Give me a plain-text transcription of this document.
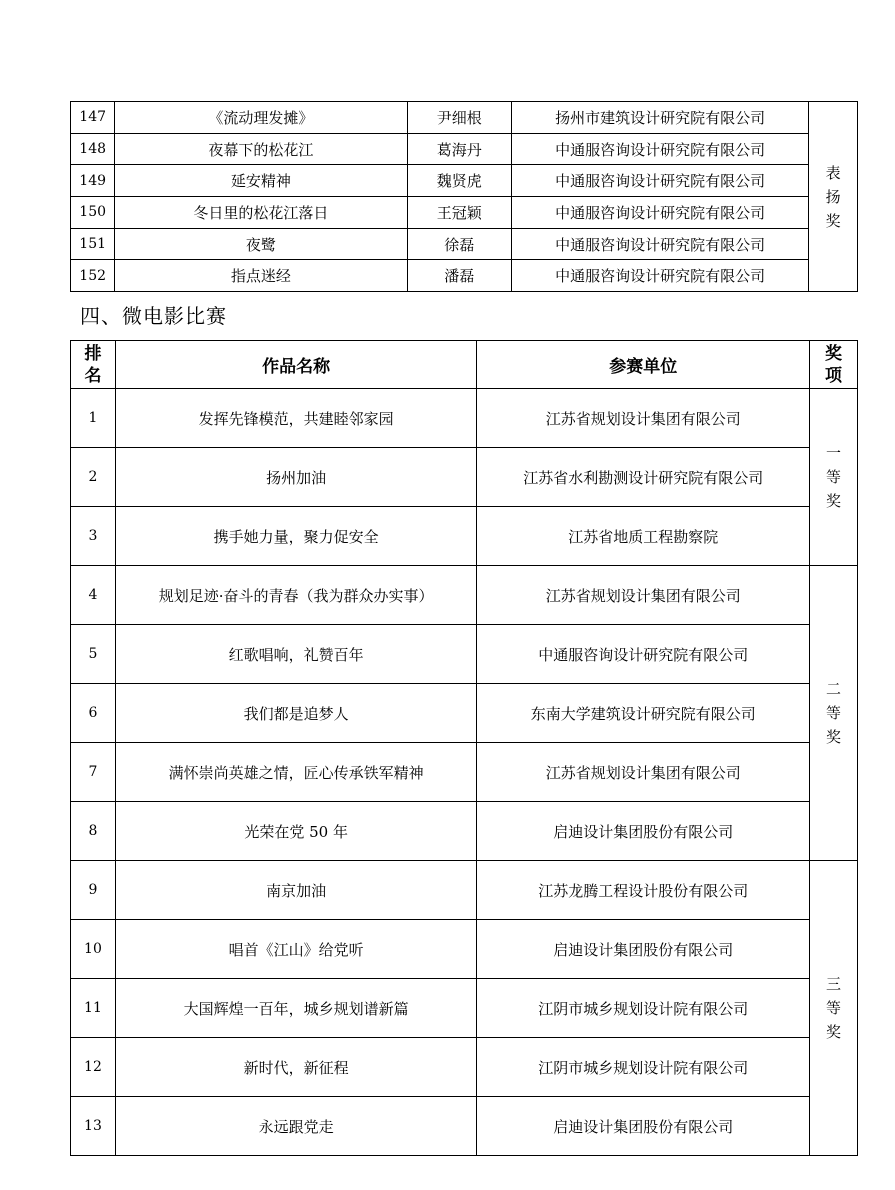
147	《流动理发摊》	尹细根	扬州市建筑设计研究院有限公司	表扬奖
148	夜幕下的松花江	葛海丹	中通服咨询设计研究院有限公司	
149	延安精神	魏贤虎	中通服咨询设计研究院有限公司	
150	冬日里的松花江落日	王冠颖	中通服咨询设计研究院有限公司	
151	夜鹭	徐磊	中通服咨询设计研究院有限公司	
152	指点迷经	潘磊	中通服咨询设计研究院有限公司	
四、微电影比赛
排名	作品名称	参赛单位	奖项
1	发挥先锋模范，共建睦邻家园	江苏省规划设计集团有限公司	一等奖
2	扬州加油	江苏省水利勘测设计研究院有限公司	
3	携手她力量，聚力促安全	江苏省地质工程勘察院	
4	规划足迹·奋斗的青春（我为群众办实事）	江苏省规划设计集团有限公司	二等奖
5	红歌唱响，礼赞百年	中通服咨询设计研究院有限公司	
6	我们都是追梦人	东南大学建筑设计研究院有限公司	
7	满怀崇尚英雄之情，匠心传承铁军精神	江苏省规划设计集团有限公司	
8	光荣在党 50 年	启迪设计集团股份有限公司	
9	南京加油	江苏龙腾工程设计股份有限公司	三等奖
10	唱首《江山》给党听	启迪设计集团股份有限公司	
11	大国辉煌一百年，城乡规划谱新篇	江阴市城乡规划设计院有限公司	
12	新时代，新征程	江阴市城乡规划设计院有限公司	
13	永远跟党走	启迪设计集团股份有限公司	
